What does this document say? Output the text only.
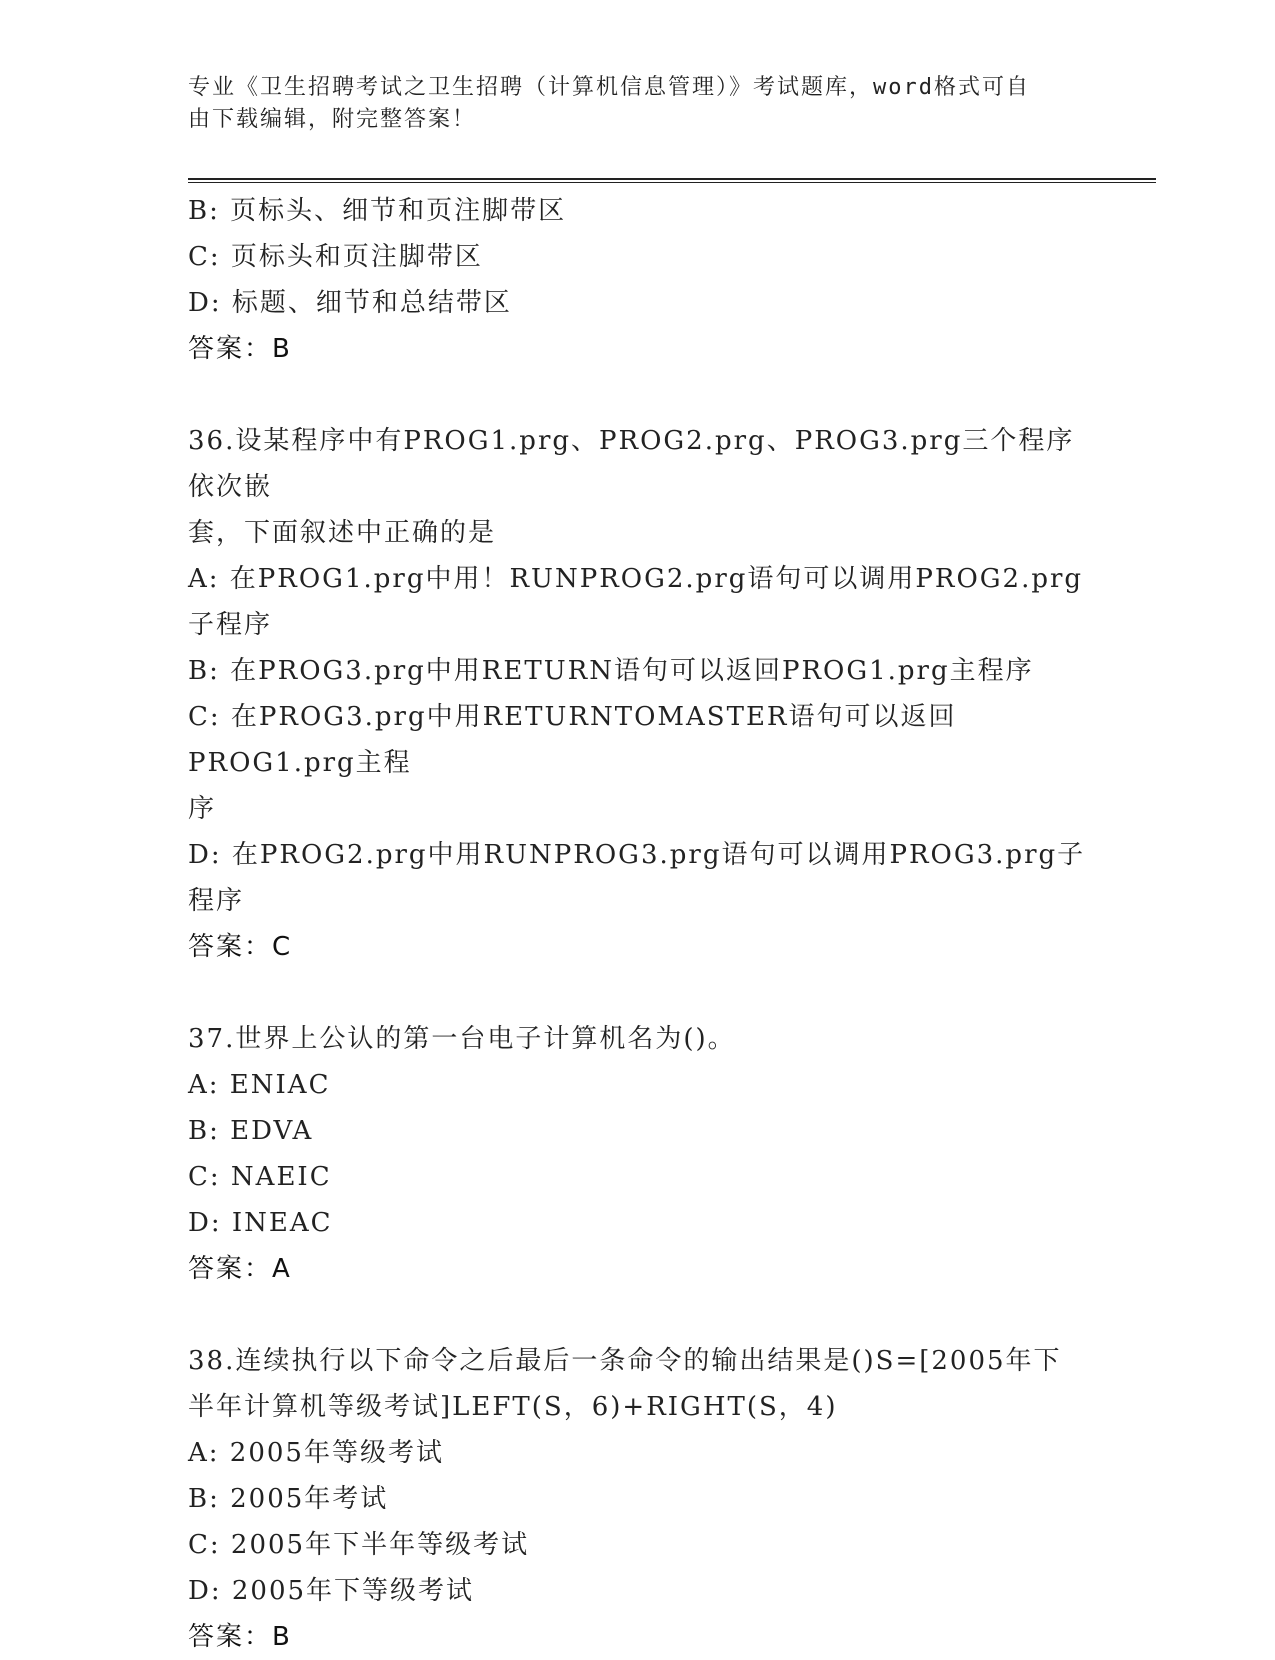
专业《卫生招聘考试之卫生招聘（计算机信息管理）》考试题库，word格式可自
由下载编辑，附完整答案！
B: 页标头、细节和页注脚带区
C: 页标头和页注脚带区
D: 标题、细节和总结带区
答案：B
36.设某程序中有PROG1.prg、PROG2.prg、PROG3.prg三个程序依次嵌
套，下面叙述中正确的是
A: 在PROG1.prg中用！RUNPROG2.prg语句可以调用PROG2.prg子程序
B: 在PROG3.prg中用RETURN语句可以返回PROG1.prg主程序
C: 在PROG3.prg中用RETURNTOMASTER语句可以返回PROG1.prg主程
序
D: 在PROG2.prg中用RUNPROG3.prg语句可以调用PROG3.prg子程序
答案：C
37.世界上公认的第一台电子计算机名为()。
A: ENIAC
B: EDVA
C: NAEIC
D: INEAC
答案：A
38.连续执行以下命令之后最后一条命令的输出结果是()S=[2005年下
半年计算机等级考试]LEFT(S，6)+RIGHT(S，4)
A: 2005年等级考试
B: 2005年考试
C: 2005年下半年等级考试
D: 2005年下等级考试
答案：B
